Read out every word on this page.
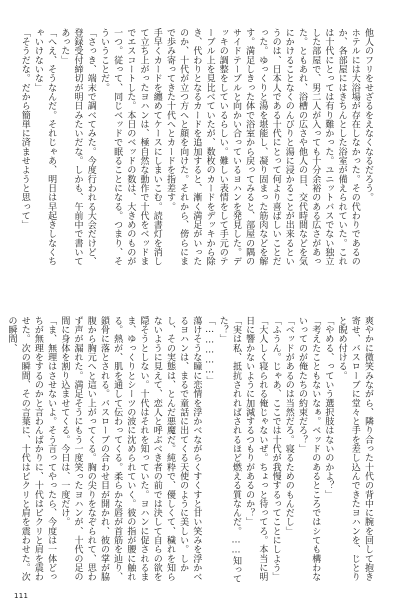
他人のフリをせざるをえなくなるだろう。
ホテルには大浴場が存在しなかった。その代わりであるのか、各部屋にはきちんとした浴室が備えられていた。これは十代にとっては有り難かった。ユニットバスでない独立した部屋で、男二人が入っても十分余裕のある広さがあった。ともあれ、浴槽の広さや他人の目、交代時間などを気にかけることなくのんびりと湯に浸かることが出来るというのは、日本人である十代にとって何より喜ばしいことだった。ゆっくりと湯を堪能し、凝り固まった筋肉などを解す。満足しきった体で浴室から戻ってみると、部屋の隅のサイドテーブルと向かい合っているヨハンを発見した。デッキの調整をしているらしい。難しい表情をして手元のテーブル上を見比べていたが、数枚のカードをデッキから除き、代わりとなるカードを追加すると、漸く満足がいったのか、十代が立つ方へと顔を向けた。それから、傍らにまで歩み寄ってきた十代へとカードを指差す。
手早くカードを纏めてケースにしまいこむ。読書灯を消して立ち上がったヨハンは、極自然な動作で十代をベッドまでエスコートした。本日のベッドの数は、大きめのものが一つ。従って、同じベッドで眠ることになる。つまり、そういうことだ。
「さっき、端末で調べてみた。今度行われる大会だけど、登録受付締切が明日みたいだな。しかも、午前中で書いてあった」
「へえ、そうなんだ。それじゃあ、明日は早起きしなくちゃいけないな」
「そうだな。だから簡単に済ませようと思って」
爽やかに微笑みながら、隣り合った十代の背中に腕を回して抱き寄せ、バスローブに堂々と手を差し込んできたヨハンを、じとりと睨め付ける。
「やめる、っていう選択肢はないのかよ？」
「考えたこともないなぁ。ベッドのあるところではシても構わないってのが俺たちの約束だろ？」
「ベッドがあるのは当然だろ。寝るためのもんだし」
「ふうん。じゃあ、ここでは十代が我慢するってことにしよう」
「大人しく寝られる俺じゃないぜ。ちょっと待ってろ。本当に明日に響かないように加減するつもりがあるのか？」
「実は私、抵抗されればされるほど燃える質なんだ。……知ってた？」
「……………」
蕩けそうな瞳に恋情を浮かべながらくすくすと甘い笑みを浮かべるヨハンは、まるで童話に出てくる天使のように美しい。しかし、その実態は、とんだ悪魔だ。純粋で、優しくて、穢れを知らないように見えて、恋人と呼ぶべき者の前では決して自らの欲を隠そうとしない。十代はそれを知っていた。ヨハンに促されるまま、ゆっくりとシーツの波に沈められていく。彼の指が腰に触れる。熱が、肌を通して伝わってくる。柔らかな唇が首筋を辿り、鎖骨に落とされる。バスローブの合わせ目が開かれ、彼の掌が脇腹から胸元へと這い上がってくる。胸の尖りをなぞられて、思わず声が漏れた。満足そうにもう一度笑ったヨハンが、十代の足の間に身体を割り込ませてくる。今日は、一度だけ。
「ま、無理はさせないよ。そう言ってやったら、今度は一体どっちが無理をするのかと言わんばかりに、十代はビクリと肩を震わせた。次の瞬間、その言葉に、十代はビクリと肩を震わせた。次の瞬間、
111
